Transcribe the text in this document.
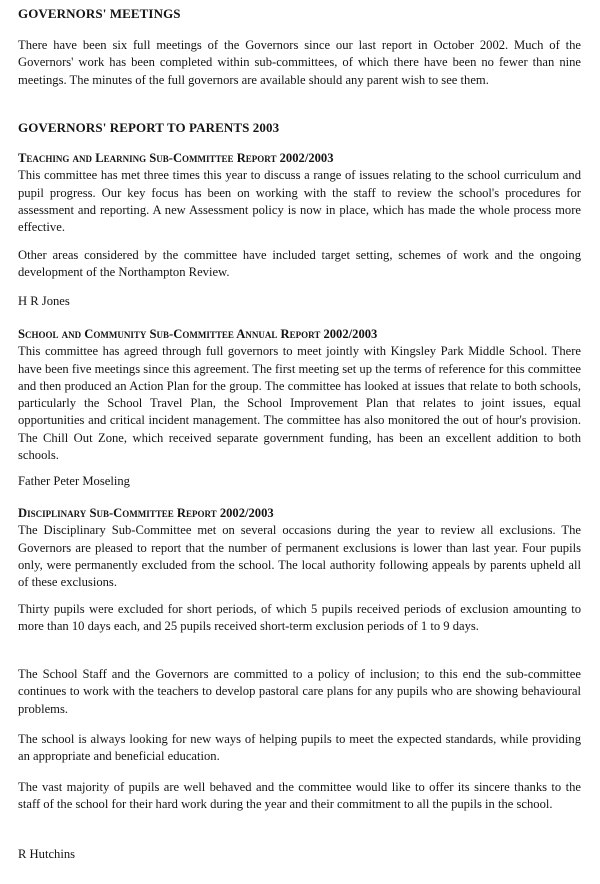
GOVERNORS' MEETINGS

There have been six full meetings of the Governors since our last report in October 2002. Much of the Governors' work has been completed within sub-committees, of which there have been no fewer than nine meetings. The minutes of the full governors are available should any parent wish to see them.

GOVERNORS' REPORT TO PARENTS 2003
Teaching and Learning Sub-Committee Report 2002/2003
This committee has met three times this year to discuss a range of issues relating to the school curriculum and pupil progress. Our key focus has been on working with the staff to review the school's procedures for assessment and reporting. A new Assessment policy is now in place, which has made the whole process more effective.

Other areas considered by the committee have included target setting, schemes of work and the ongoing development of the Northampton Review.

H R Jones

School and Community Sub-Committee Annual Report 2002/2003
This committee has agreed through full governors to meet jointly with Kingsley Park Middle School. There have been five meetings since this agreement. The first meeting set up the terms of reference for this committee and then produced an Action Plan for the group. The committee has looked at issues that relate to both schools, particularly the School Travel Plan, the School Improvement Plan that relates to joint issues, equal opportunities and critical incident management. The committee has also monitored the out of hour's provision. The Chill Out Zone, which received separate government funding, has been an excellent addition to both schools.

Father Peter Moseling

Disciplinary Sub-Committee Report 2002/2003
The Disciplinary Sub-Committee met on several occasions during the year to review all exclusions. The Governors are pleased to report that the number of permanent exclusions is lower than last year. Four pupils only, were permanently excluded from the school. The local authority following appeals by parents upheld all of these exclusions.

Thirty pupils were excluded for short periods, of which 5 pupils received periods of exclusion amounting to more than 10 days each, and 25 pupils received short-term exclusion periods of 1 to 9 days.

The School Staff and the Governors are committed to a policy of inclusion; to this end the sub-committee continues to work with the teachers to develop pastoral care plans for any pupils who are showing behavioural problems.

The school is always looking for new ways of helping pupils to meet the expected standards, while providing an appropriate and beneficial education.

The vast majority of pupils are well behaved and the committee would like to offer its sincere thanks to the staff of the school for their hard work during the year and their commitment to all the pupils in the school.

R Hutchins
